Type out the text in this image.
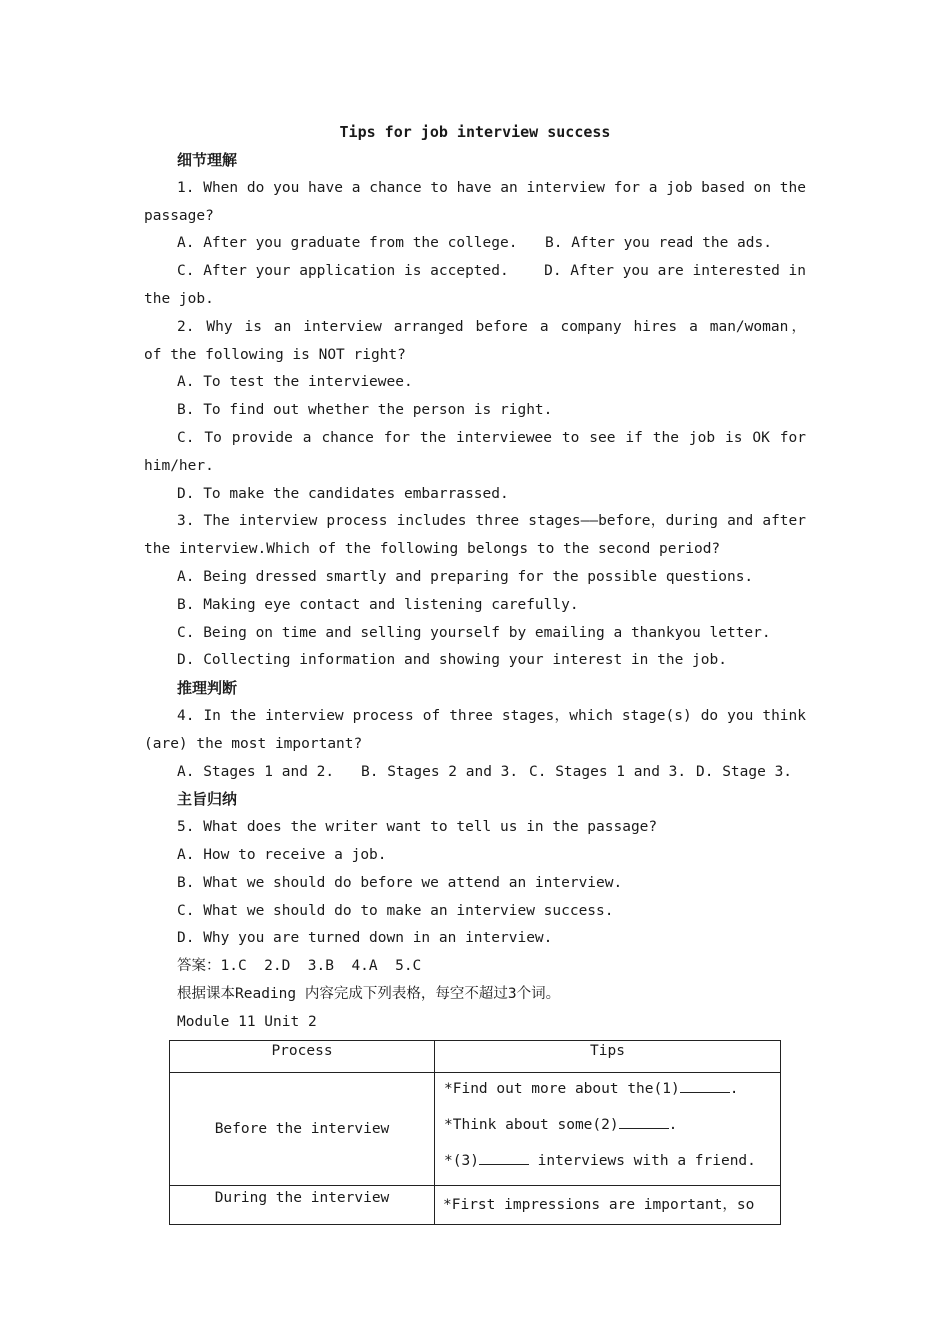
Tips for job interview success
细节理解
1. When do you have a chance to have an interview for a job based on the
passage?
A. After you graduate from the college.	B. After you read the ads.
C. After your application is accepted.	D. After you are interested in
the job.
2. Why is an interview arranged before a company hires a man/woman，
of the following is NOT right?
A. To test the interviewee.
B. To find out whether the person is right.
C. To provide a chance for the interviewee to see if the job is OK for
him/her.
D. To make the candidates embarrassed.
3. The interview process includes three stages——before，during and after
the interview.Which of the following belongs to the second period?
A. Being dressed smartly and preparing for the possible questions.
B. Making eye contact and listening carefully.
C. Being on time and selling yourself by emailing a thankyou letter.
D. Collecting information and showing your interest in the job.
推理判断
4. In the interview process of three stages，which stage(s) do you think
(are) the most important?
A. Stages 1 and 2. B. Stages 2 and 3. C. Stages 1 and 3. D. Stage 3.
主旨归纳
5. What does the writer want to tell us in the passage?
A. How to receive a job.
B. What we should do before we attend an interview.
C. What we should do to make an interview success.
D. Why you are turned down in an interview.
答案：1.C  2.D  3.B  4.A  5.C
根据课本Reading 内容完成下列表格，每空不超过3个词。
Module 11 Unit 2
Process	Tips
Before the interview	*Find out more about the(1) .
*Think about some(2) .
*(3) interviews with a friend.

During the interview	*First impressions are important，so
